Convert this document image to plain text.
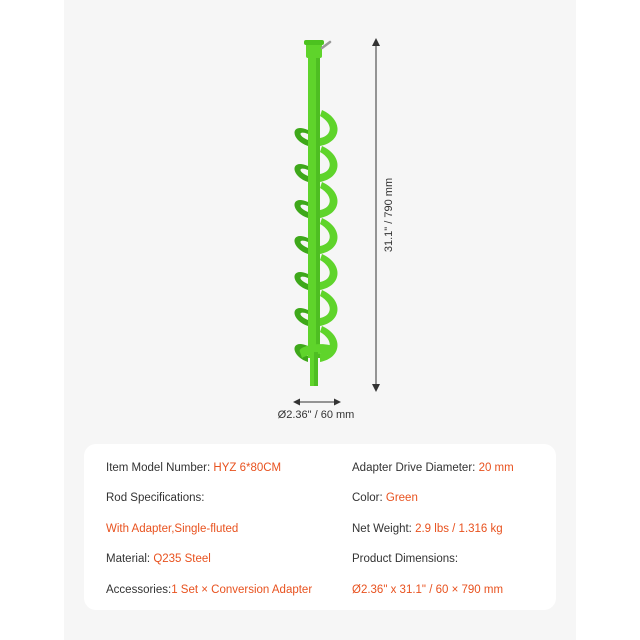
31.1" / 790 mm
Ø2.36" / 60 mm
Item Model Number: HYZ 6*80CM
Rod Specifications:
With Adapter,Single-fluted
Material: Q235 Steel
Accessories:1 Set × Conversion Adapter
Adapter Drive Diameter: 20 mm
Color: Green
Net Weight: 2.9 lbs / 1.316 kg
Product Dimensions:
Ø2.36" x 31.1" / 60 × 790 mm
